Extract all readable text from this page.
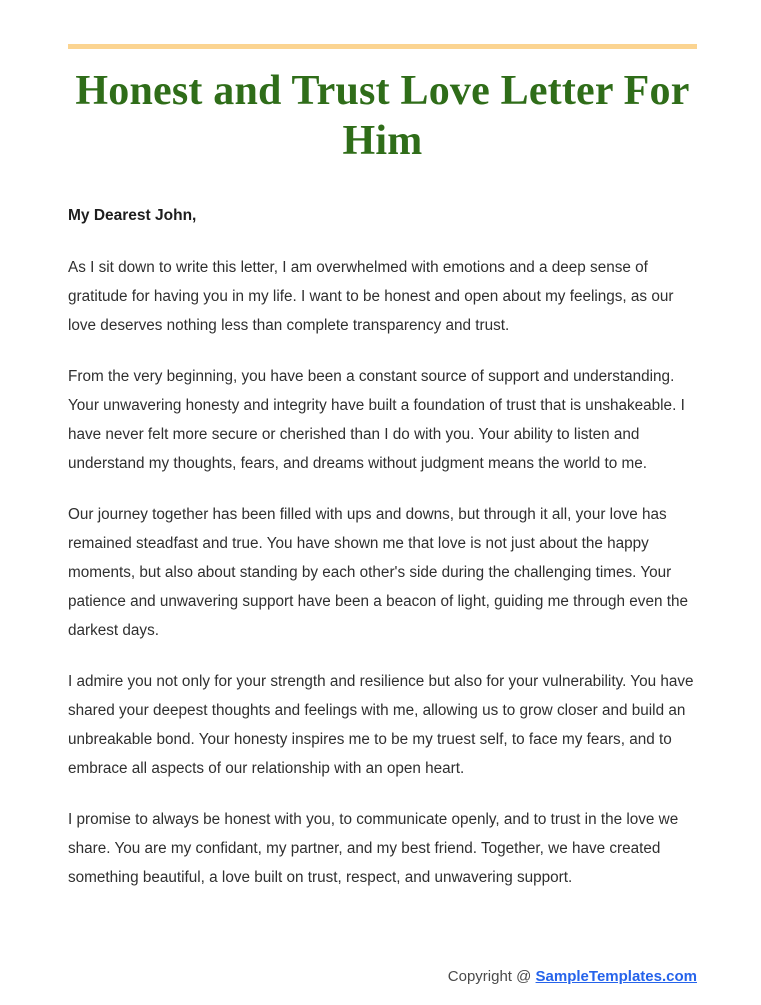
Honest and Trust Love Letter For Him

My Dearest John,

As I sit down to write this letter, I am overwhelmed with emotions and a deep sense of gratitude for having you in my life. I want to be honest and open about my feelings, as our love deserves nothing less than complete transparency and trust.

From the very beginning, you have been a constant source of support and understanding. Your unwavering honesty and integrity have built a foundation of trust that is unshakeable. I have never felt more secure or cherished than I do with you. Your ability to listen and understand my thoughts, fears, and dreams without judgment means the world to me.

Our journey together has been filled with ups and downs, but through it all, your love has remained steadfast and true. You have shown me that love is not just about the happy moments, but also about standing by each other's side during the challenging times. Your patience and unwavering support have been a beacon of light, guiding me through even the darkest days.

I admire you not only for your strength and resilience but also for your vulnerability. You have shared your deepest thoughts and feelings with me, allowing us to grow closer and build an unbreakable bond. Your honesty inspires me to be my truest self, to face my fears, and to embrace all aspects of our relationship with an open heart.

I promise to always be honest with you, to communicate openly, and to trust in the love we share. You are my confidant, my partner, and my best friend. Together, we have created something beautiful, a love built on trust, respect, and unwavering support.

Copyright @ SampleTemplates.com
